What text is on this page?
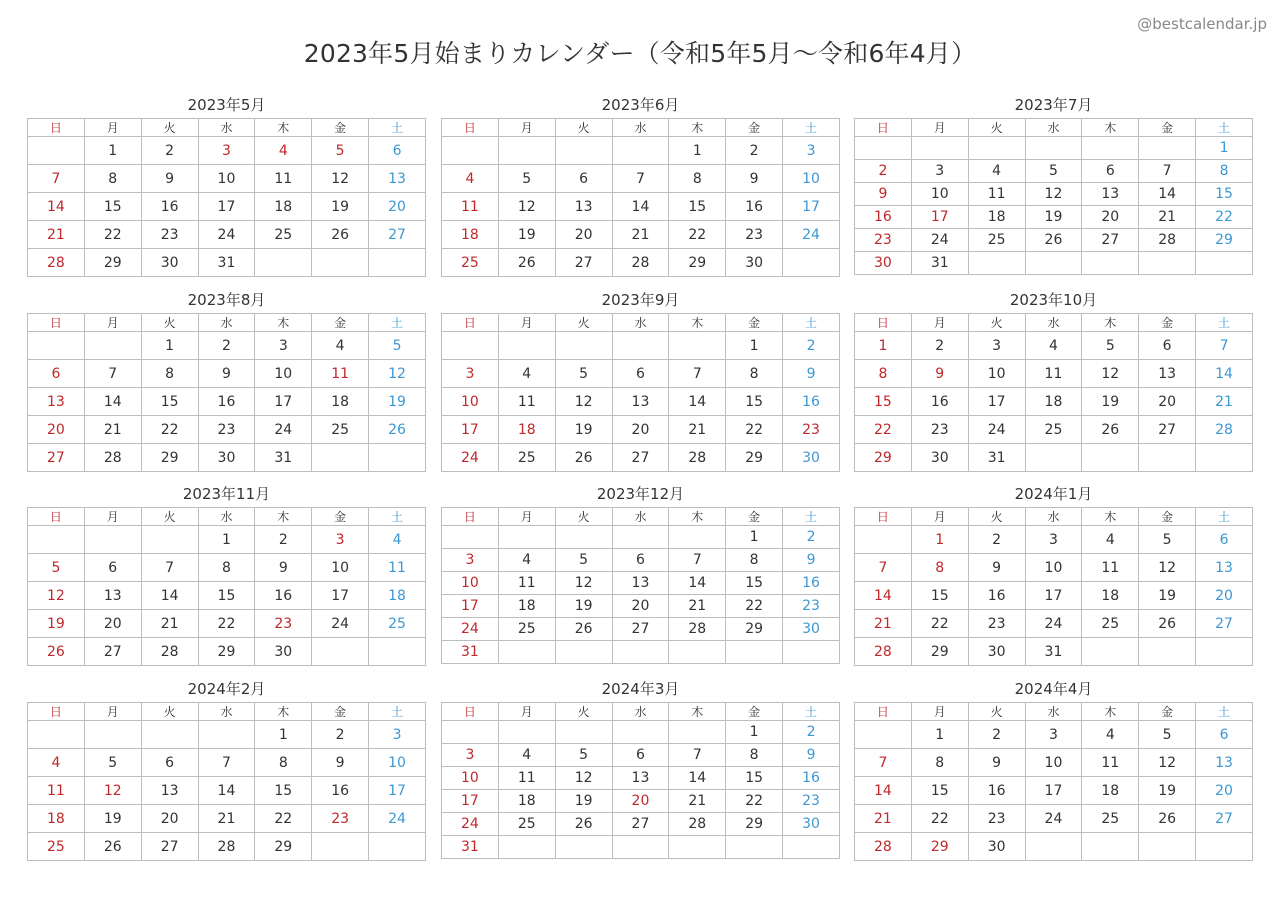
@bestcalendar.jp
2023年5月始まりカレンダー（令和5年5月～令和6年4月）
2023年5月
日	月	火	水	木	金	土
	1	2	3	4	5	6
7	8	9	10	11	12	13
14	15	16	17	18	19	20
21	22	23	24	25	26	27
28	29	30	31			
2023年6月
日	月	火	水	木	金	土
				1	2	3
4	5	6	7	8	9	10
11	12	13	14	15	16	17
18	19	20	21	22	23	24
25	26	27	28	29	30	
2023年7月
日	月	火	水	木	金	土
						1
2	3	4	5	6	7	8
9	10	11	12	13	14	15
16	17	18	19	20	21	22
23	24	25	26	27	28	29
30	31					
2023年8月
日	月	火	水	木	金	土
		1	2	3	4	5
6	7	8	9	10	11	12
13	14	15	16	17	18	19
20	21	22	23	24	25	26
27	28	29	30	31		
2023年9月
日	月	火	水	木	金	土
					1	2
3	4	5	6	7	8	9
10	11	12	13	14	15	16
17	18	19	20	21	22	23
24	25	26	27	28	29	30
2023年10月
日	月	火	水	木	金	土
1	2	3	4	5	6	7
8	9	10	11	12	13	14
15	16	17	18	19	20	21
22	23	24	25	26	27	28
29	30	31				
2023年11月
日	月	火	水	木	金	土
			1	2	3	4
5	6	7	8	9	10	11
12	13	14	15	16	17	18
19	20	21	22	23	24	25
26	27	28	29	30		
2023年12月
日	月	火	水	木	金	土
					1	2
3	4	5	6	7	8	9
10	11	12	13	14	15	16
17	18	19	20	21	22	23
24	25	26	27	28	29	30
31						
2024年1月
日	月	火	水	木	金	土
	1	2	3	4	5	6
7	8	9	10	11	12	13
14	15	16	17	18	19	20
21	22	23	24	25	26	27
28	29	30	31			
2024年2月
日	月	火	水	木	金	土
				1	2	3
4	5	6	7	8	9	10
11	12	13	14	15	16	17
18	19	20	21	22	23	24
25	26	27	28	29		
2024年3月
日	月	火	水	木	金	土
					1	2
3	4	5	6	7	8	9
10	11	12	13	14	15	16
17	18	19	20	21	22	23
24	25	26	27	28	29	30
31						
2024年4月
日	月	火	水	木	金	土
	1	2	3	4	5	6
7	8	9	10	11	12	13
14	15	16	17	18	19	20
21	22	23	24	25	26	27
28	29	30				
